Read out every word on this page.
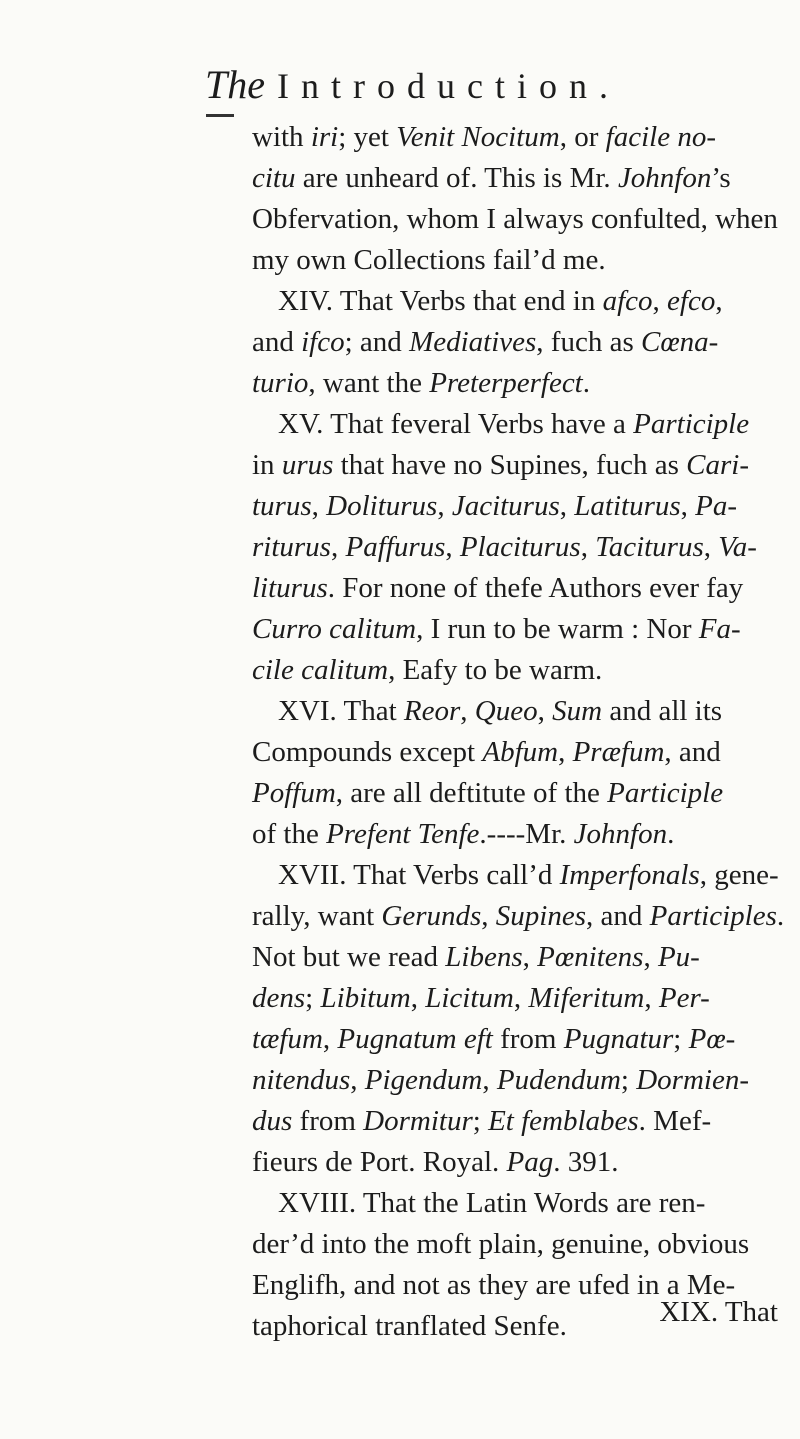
The Introduction.
with iri; yet Venit Nocitum, or facile no-
citu are unheard of. This is Mr. Johnfon’s
Obfervation, whom I always confulted, when
my own Collections fail’d me.
XIV. That Verbs that end in afco, efco,
and ifco; and Mediatives, fuch as Cœna-
turio, want the Preterperfect.
XV. That feveral Verbs have a Participle
in urus that have no Supines, fuch as Cari-
turus, Doliturus, Jaciturus, Latiturus, Pa-
riturus, Paffurus, Placiturus, Taciturus, Va-
liturus. For none of thefe Authors ever fay
Curro calitum, I run to be warm : Nor Fa-
cile calitum, Eafy to be warm.
XVI. That Reor, Queo, Sum and all its
Compounds except Abfum, Præfum, and
Poffum, are all deftitute of the Participle
of the Prefent Tenfe.----Mr. Johnfon.
XVII. That Verbs call’d Imperfonals, gene-
rally, want Gerunds, Supines, and Participles.
Not but we read Libens, Pœnitens, Pu-
dens; Libitum, Licitum, Miferitum, Per-
tæfum, Pugnatum eft from Pugnatur; Pœ-
nitendus, Pigendum, Pudendum; Dormien-
dus from Dormitur; Et femblabes. Mef-
fieurs de Port. Royal. Pag. 391.
XVIII. That the Latin Words are ren-
der’d into the moft plain, genuine, obvious
Englifh, and not as they are ufed in a Me-
taphorical tranflated Senfe.	XIX. That
